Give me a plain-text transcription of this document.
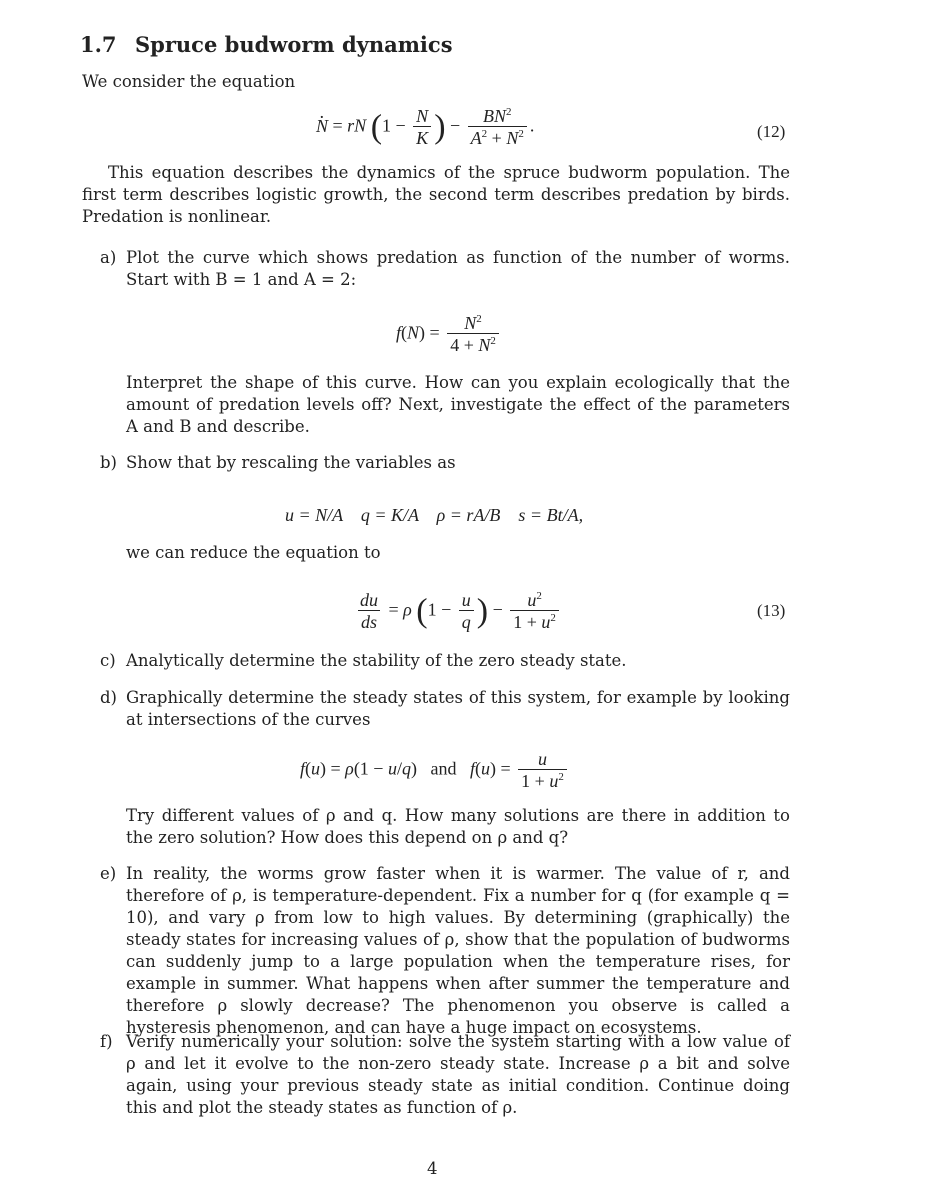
1.7 Spruce budworm dynamics
We consider the equation
. N = rN ($1 - \frac{N}{K}$ ) − $\frac{BN^2}{A^2 + N^2}$ .	(12)
This equation describes the dynamics of the spruce budworm population. The first term describes logistic growth, the second term describes predation by birds. Predation is nonlinear.
a) Plot the curve which shows predation as function of the number of worms. Start with B = 1 and A = 2:
$f(N) = \frac{N^2}{4 + N^2}$
Interpret the shape of this curve. How can you explain ecologically that the amount of predation levels off? Next, investigate the effect of the parameters A and B and describe.
b) Show that by rescaling the variables as
u = N/A    q = K/A    ρ = rA/B    s = Bt/A,
we can reduce the equation to
$\frac{du}{ds} = \rho$ ($1 - \frac{u}{q}$ ) − $\frac{u^2}{1 + u^2}$	(13)
c) Analytically determine the stability of the zero steady state.
d) Graphically determine the steady states of this system, for example by looking at intersections of the curves
f(u) = ρ(1 − u/q)   and $f(u) = \frac{u}{1 + u^2}$
Try different values of ρ and q. How many solutions are there in addition to the zero solution? How does this depend on ρ and q?
e) In reality, the worms grow faster when it is warmer. The value of r, and therefore of ρ, is temperature-dependent. Fix a number for q (for example q = 10), and vary ρ from low to high values. By determining (graphically) the steady states for increasing values of ρ, show that the population of budworms can suddenly jump to a large population when the temperature rises, for example in summer. What happens when after summer the temperature and therefore ρ slowly decrease? The phenomenon you observe is called a hysteresis phenomenon, and can have a huge impact on ecosystems.
f) Verify numerically your solution: solve the system starting with a low value of ρ and let it evolve to the non-zero steady state. Increase ρ a bit and solve again, using your previous steady state as initial condition. Continue doing this and plot the steady states as function of ρ.
4
